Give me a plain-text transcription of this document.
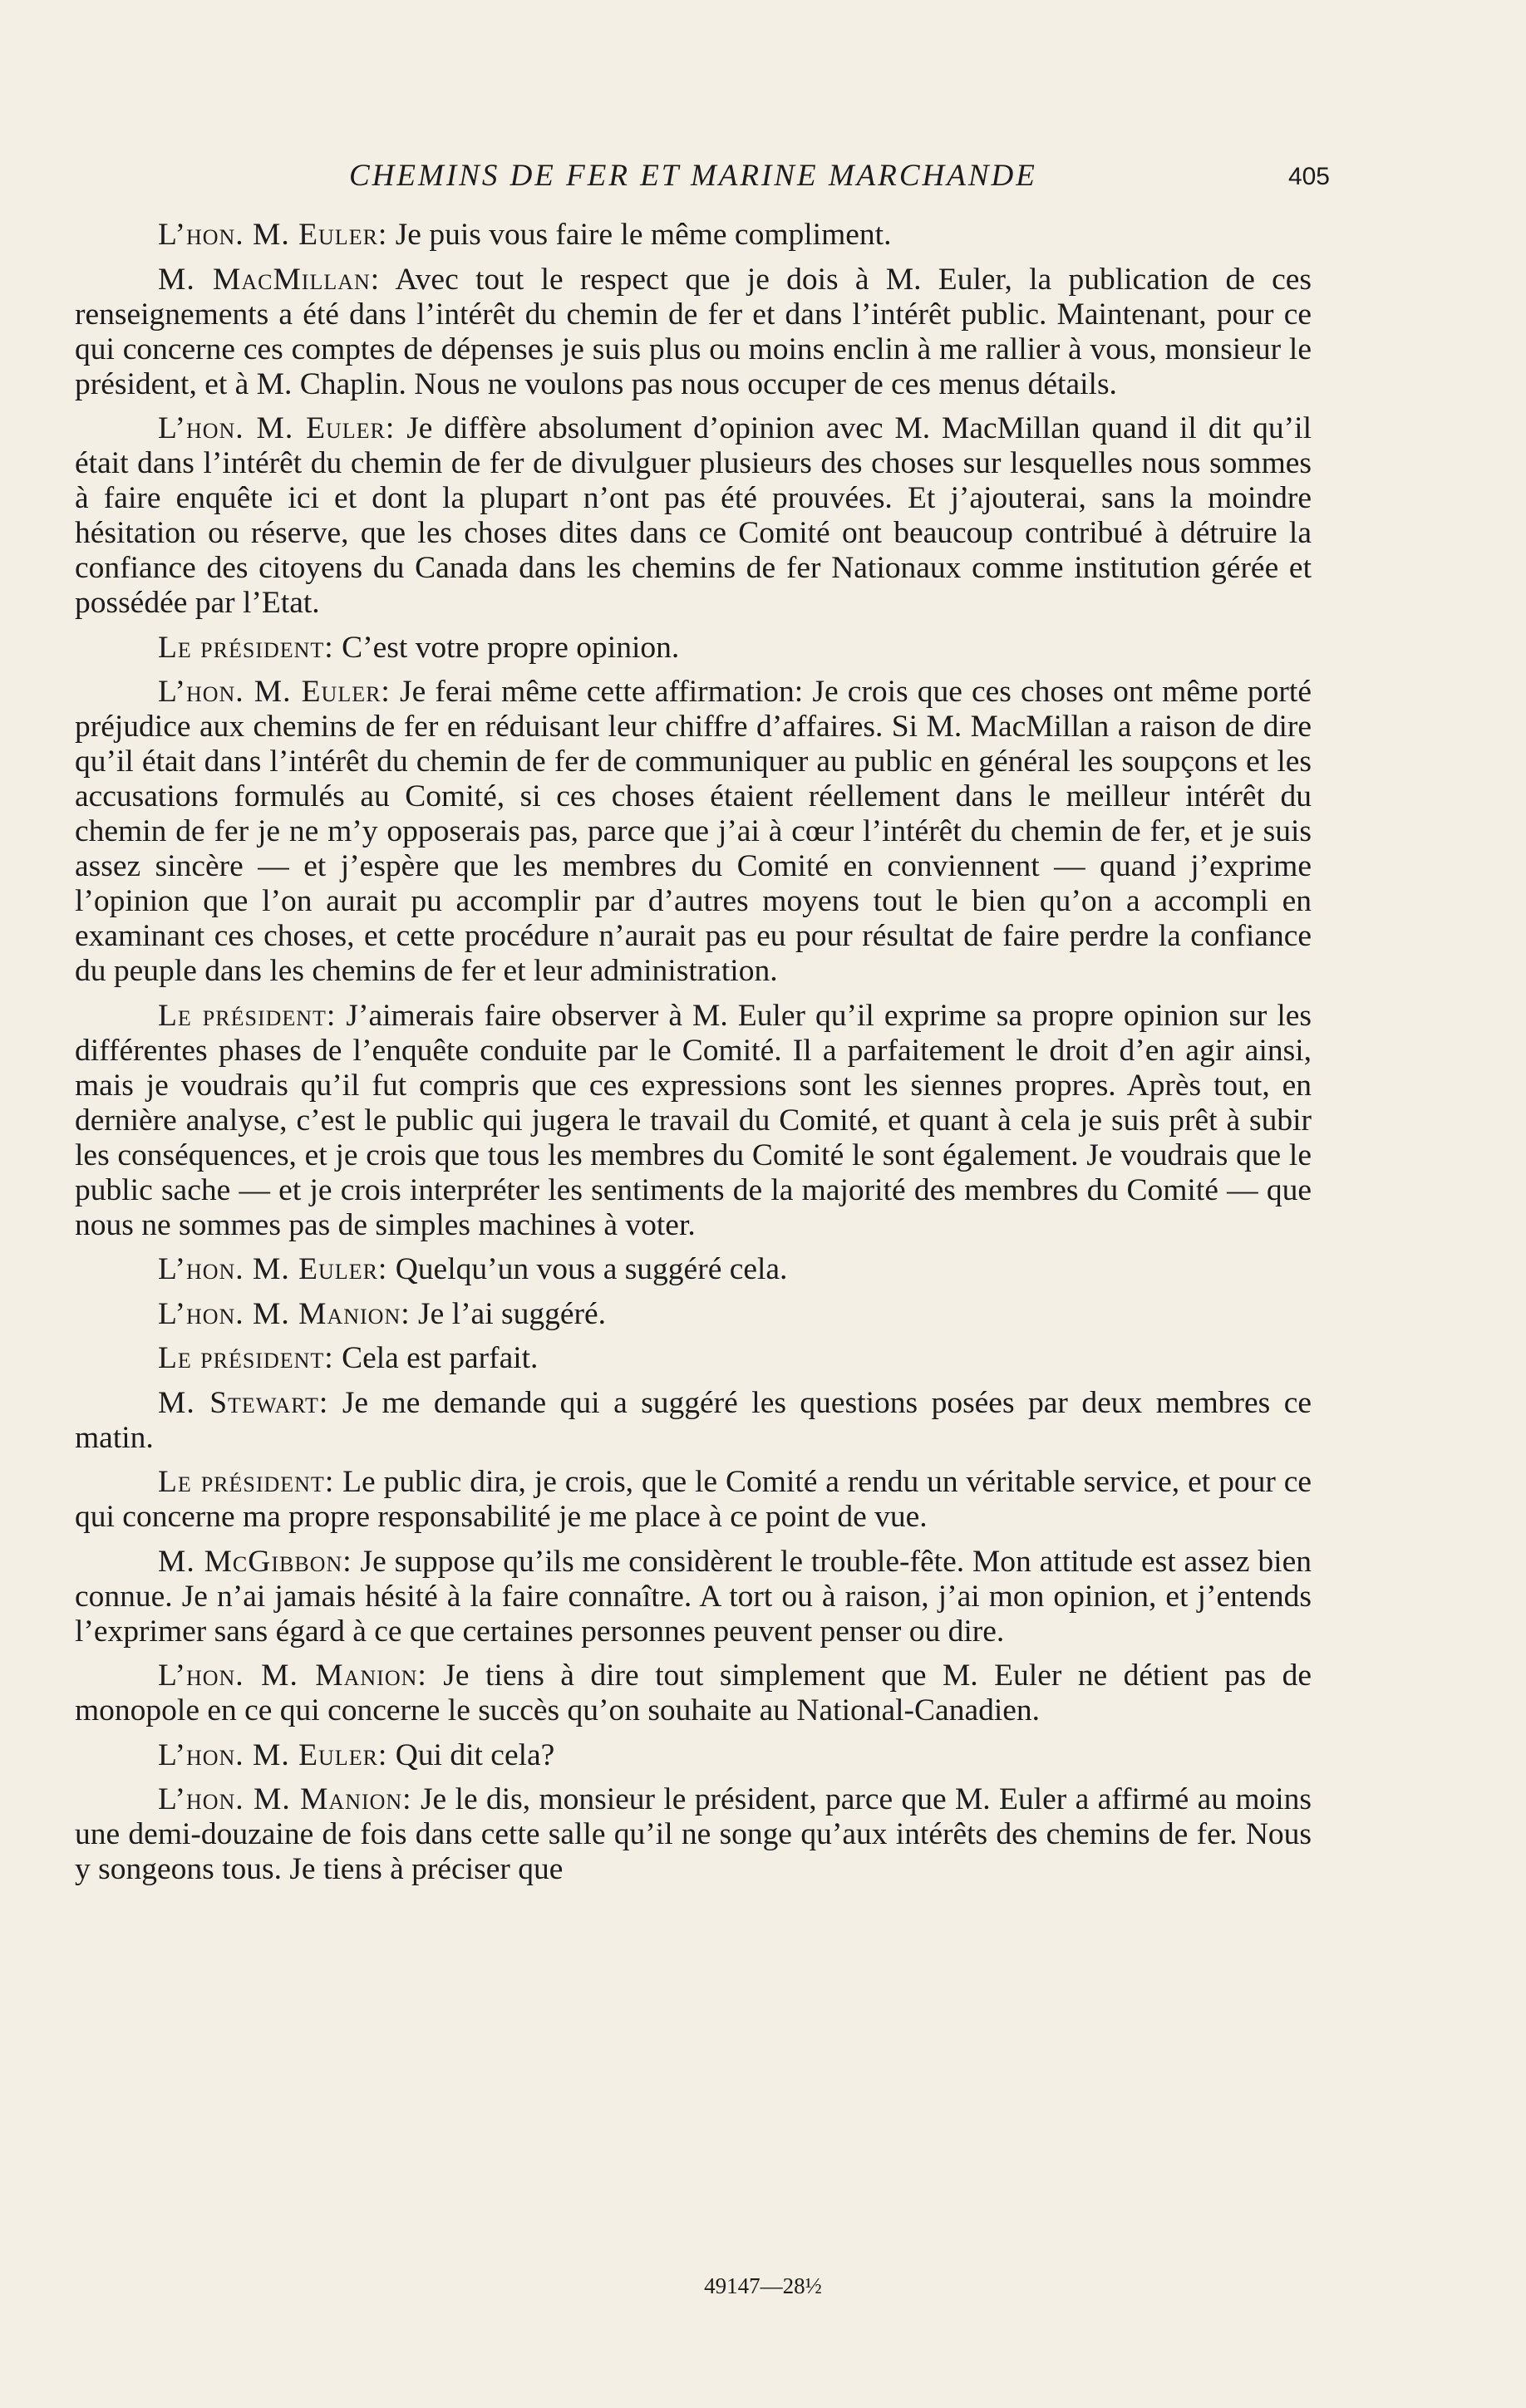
CHEMINS DE FER ET MARINE MARCHANDE	405

L’hon. M. Euler: Je puis vous faire le même compliment.

M. MacMillan: Avec tout le respect que je dois à M. Euler, la publication de ces renseignements a été dans l’intérêt du chemin de fer et dans l’intérêt public. Maintenant, pour ce qui concerne ces comptes de dépenses je suis plus ou moins enclin à me rallier à vous, monsieur le président, et à M. Chaplin. Nous ne voulons pas nous occuper de ces menus détails.

L’hon. M. Euler: Je diffère absolument d’opinion avec M. MacMillan quand il dit qu’il était dans l’intérêt du chemin de fer de divulguer plusieurs des choses sur lesquelles nous sommes à faire enquête ici et dont la plupart n’ont pas été prouvées. Et j’ajouterai, sans la moindre hésitation ou réserve, que les choses dites dans ce Comité ont beaucoup contribué à détruire la confiance des citoyens du Canada dans les chemins de fer Nationaux comme institution gérée et possédée par l’Etat.

Le président: C’est votre propre opinion.

L’hon. M. Euler: Je ferai même cette affirmation: Je crois que ces choses ont même porté préjudice aux chemins de fer en réduisant leur chiffre d’affaires. Si M. MacMillan a raison de dire qu’il était dans l’intérêt du chemin de fer de communiquer au public en général les soupçons et les accusations formulés au Comité, si ces choses étaient réellement dans le meilleur intérêt du chemin de fer je ne m’y opposerais pas, parce que j’ai à cœur l’intérêt du chemin de fer, et je suis assez sincère — et j’espère que les membres du Comité en conviennent — quand j’exprime l’opinion que l’on aurait pu accomplir par d’autres moyens tout le bien qu’on a accompli en examinant ces choses, et cette procédure n’aurait pas eu pour résultat de faire perdre la confiance du peuple dans les chemins de fer et leur administration.

Le président: J’aimerais faire observer à M. Euler qu’il exprime sa propre opinion sur les différentes phases de l’enquête conduite par le Comité. Il a parfaitement le droit d’en agir ainsi, mais je voudrais qu’il fut compris que ces expressions sont les siennes propres. Après tout, en dernière analyse, c’est le public qui jugera le travail du Comité, et quant à cela je suis prêt à subir les conséquences, et je crois que tous les membres du Comité le sont également. Je voudrais que le public sache — et je crois interpréter les sentiments de la majorité des membres du Comité — que nous ne sommes pas de simples machines à voter.

L’hon. M. Euler: Quelqu’un vous a suggéré cela.

L’hon. M. Manion: Je l’ai suggéré.

Le président: Cela est parfait.

M. Stewart: Je me demande qui a suggéré les questions posées par deux membres ce matin.

Le président: Le public dira, je crois, que le Comité a rendu un véritable service, et pour ce qui concerne ma propre responsabilité je me place à ce point de vue.

M. McGibbon: Je suppose qu’ils me considèrent le trouble-fête. Mon attitude est assez bien connue. Je n’ai jamais hésité à la faire connaître. A tort ou à raison, j’ai mon opinion, et j’entends l’exprimer sans égard à ce que certaines personnes peuvent penser ou dire.

L’hon. M. Manion: Je tiens à dire tout simplement que M. Euler ne détient pas de monopole en ce qui concerne le succès qu’on souhaite au National-Canadien.

L’hon. M. Euler: Qui dit cela?

L’hon. M. Manion: Je le dis, monsieur le président, parce que M. Euler a affirmé au moins une demi-douzaine de fois dans cette salle qu’il ne songe qu’aux intérêts des chemins de fer. Nous y songeons tous. Je tiens à préciser que

49147—28½
